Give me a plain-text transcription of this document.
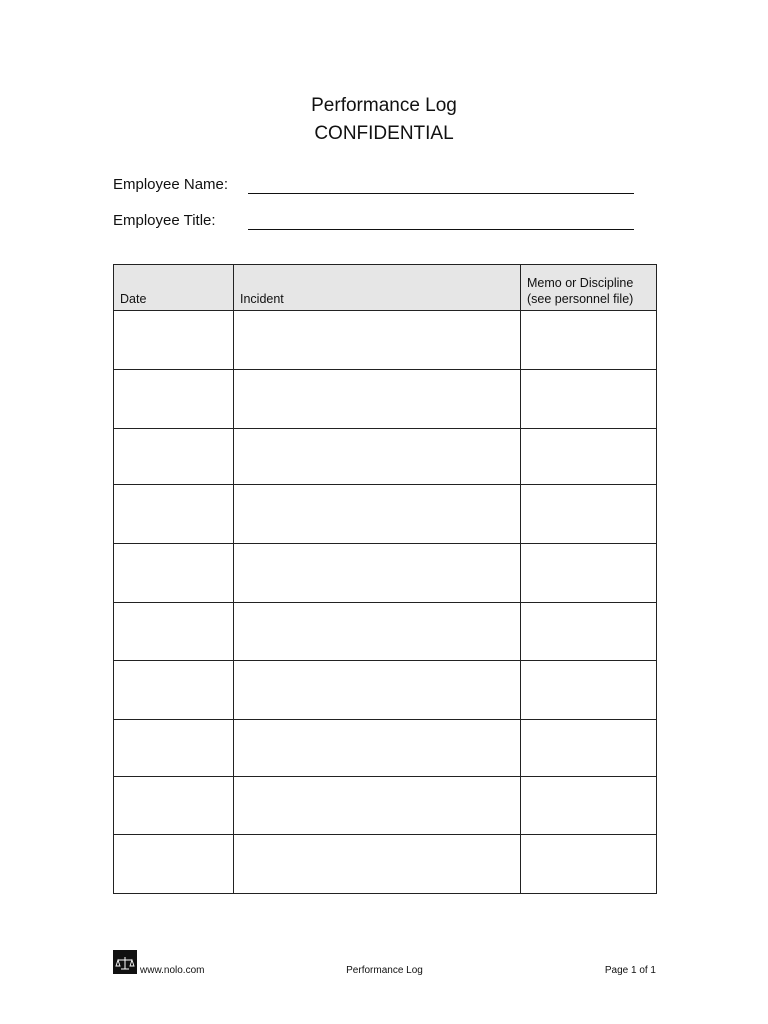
Performance Log
CONFIDENTIAL
Employee Name:
Employee Title:
Date	Incident	Memo or Discipline (see personnel file)

www.nolo.com	Performance Log	Page 1 of 1
